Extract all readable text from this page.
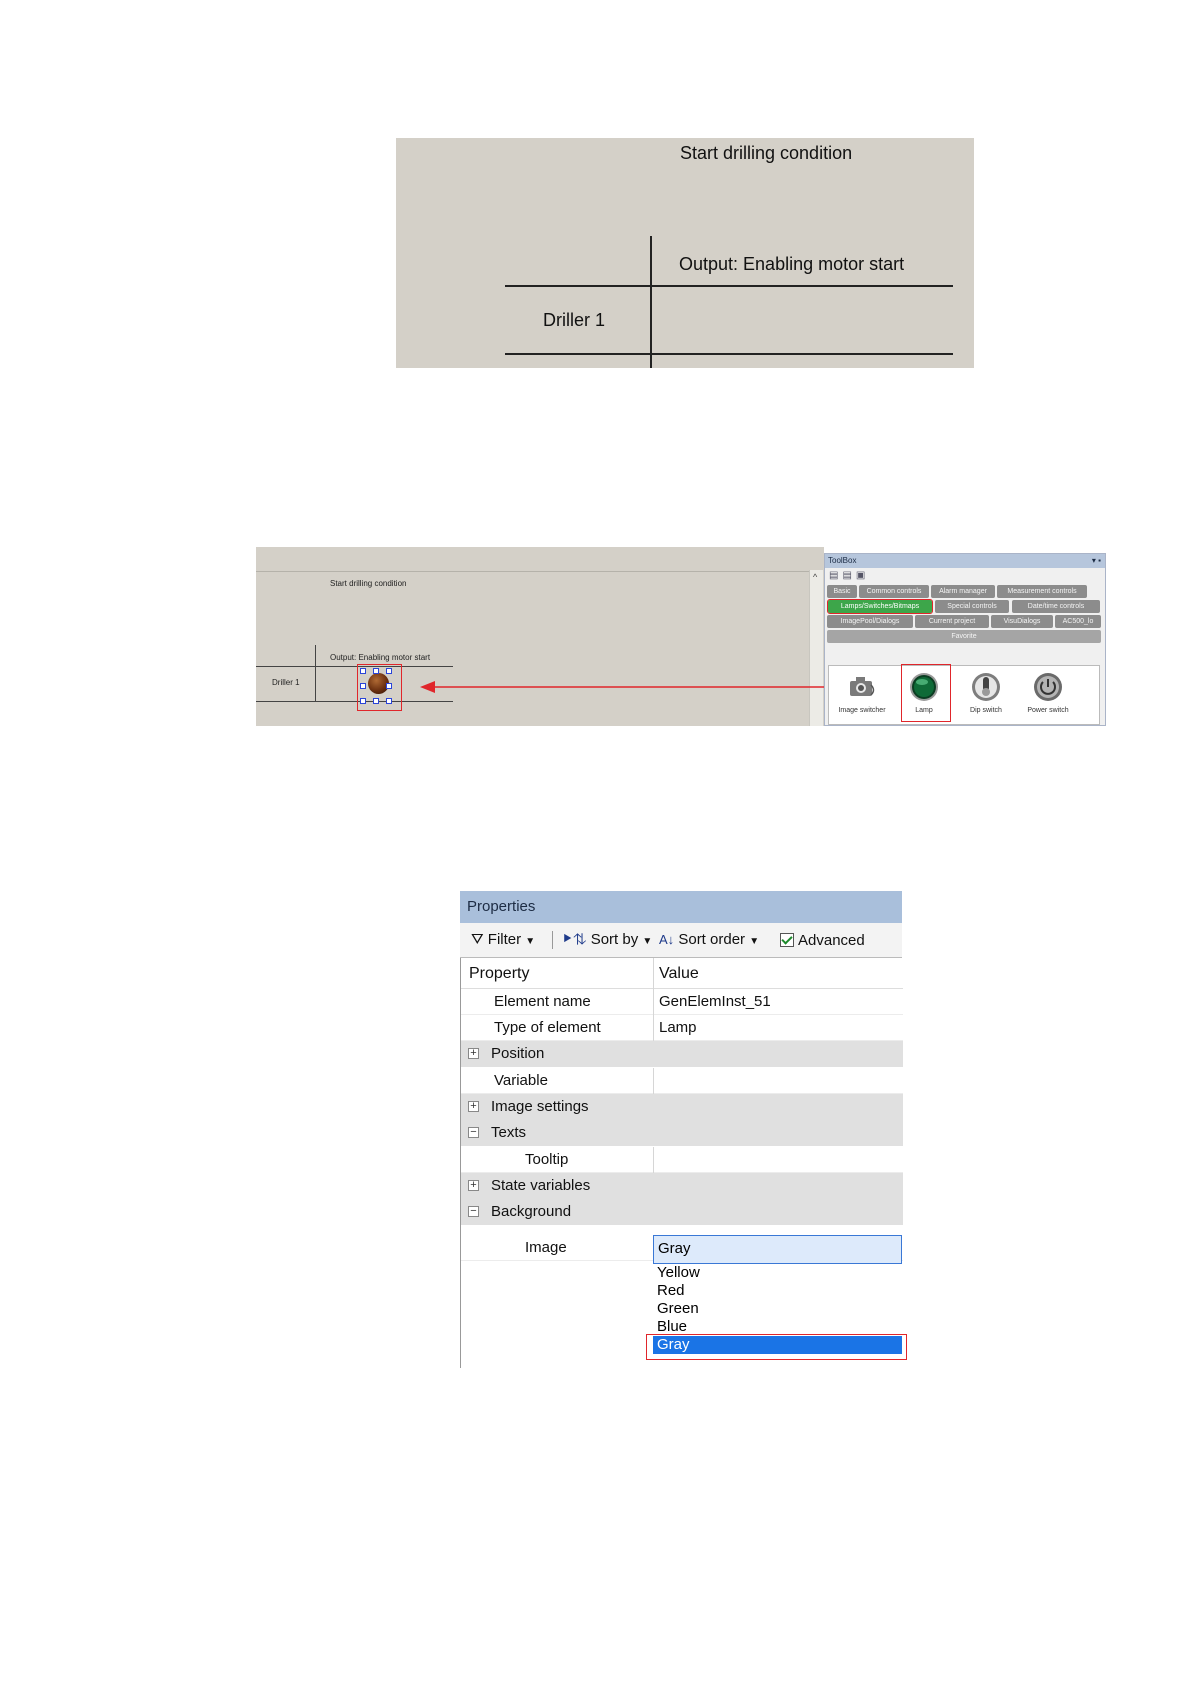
Start drilling condition
Output: Enabling motor start
Driller 1
Start drilling condition
Output: Enabling motor start
Driller 1
^
ToolBox	▾ ▪
▤▤▣
Basic	Common controls	Alarm manager	Measurement controls
Lamps/Switches/Bitmaps	Special controls	Date/time controls
ImagePool/Dialogs	Current project	VisuDialogs	AC500_lo
Favorite
Image switcher	Lamp	Dip switch	Power switch
Properties
⛛ Filter ▼ ⯈⇅ Sort by ▼ A↓ Sort order ▼	Advanced
Property	Value
Element name	GenElemInst_51
Type of element	Lamp
+ Position
Variable
+ Image settings
− Texts
Tooltip
+ State variables
− Background
Image	Gray
Yellow
Red
Green
Blue
Gray
